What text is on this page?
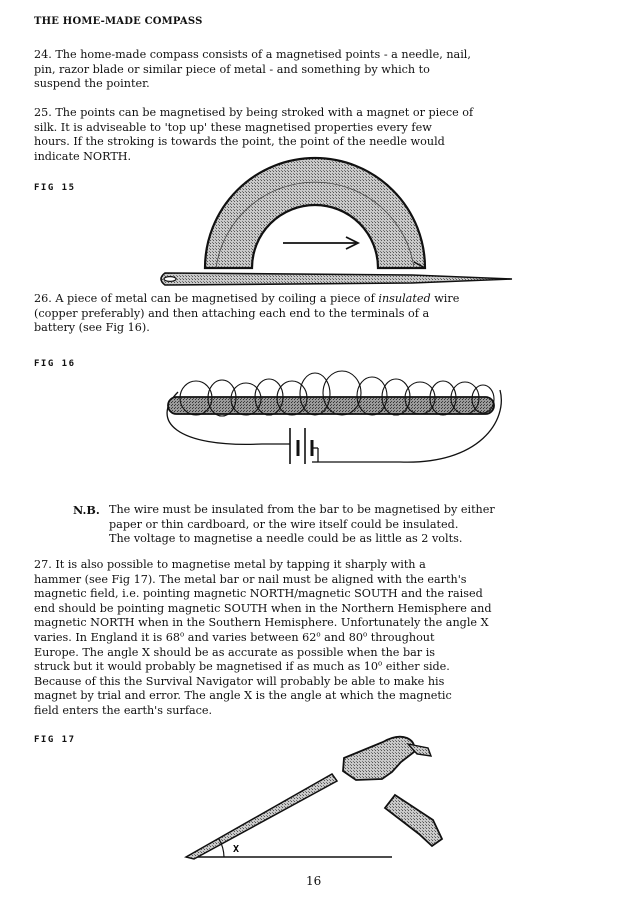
THE HOME-MADE COMPASS
24. The home-made compass consists of a magnetised points - a needle, nail,
pin, razor blade or similar piece of metal - and something by which to
suspend the pointer.
25. The points can be magnetised by being stroked with a magnet or piece of
silk. It is adviseable to 'top up' these magnetised properties every few
hours. If the stroking is towards the point, the point of the needle would
indicate NORTH.
FIG 15
26. A piece of metal can be magnetised by coiling a piece of insulated wire
(copper preferably) and then attaching each end to the terminals of a
battery (see Fig 16).
FIG 16
N.B. The wire must be insulated from the bar to be magnetised by either
paper or thin cardboard, or the wire itself could be insulated.
The voltage to magnetise a needle could be as little as 2 volts.
27. It is also possible to magnetise metal by tapping it sharply with a
hammer (see Fig 17). The metal bar or nail must be aligned with the earth's
magnetic field, i.e. pointing magnetic NORTH/magnetic SOUTH and the raised
end should be pointing magnetic SOUTH when in the Northern Hemisphere and
magnetic NORTH when in the Southern Hemisphere. Unfortunately the angle X
varies. In England it is 68$^o$ and varies between 62$^o$ and 80$^o$ throughout
Europe. The angle X should be as accurate as possible when the bar is
struck but it would probably be magnetised if as much as 10$^o$ either side.
Because of this the Survival Navigator will probably be able to make his
magnet by trial and error. The angle X is the angle at which the magnetic
field enters the earth's surface.
FIG 17
X
16
